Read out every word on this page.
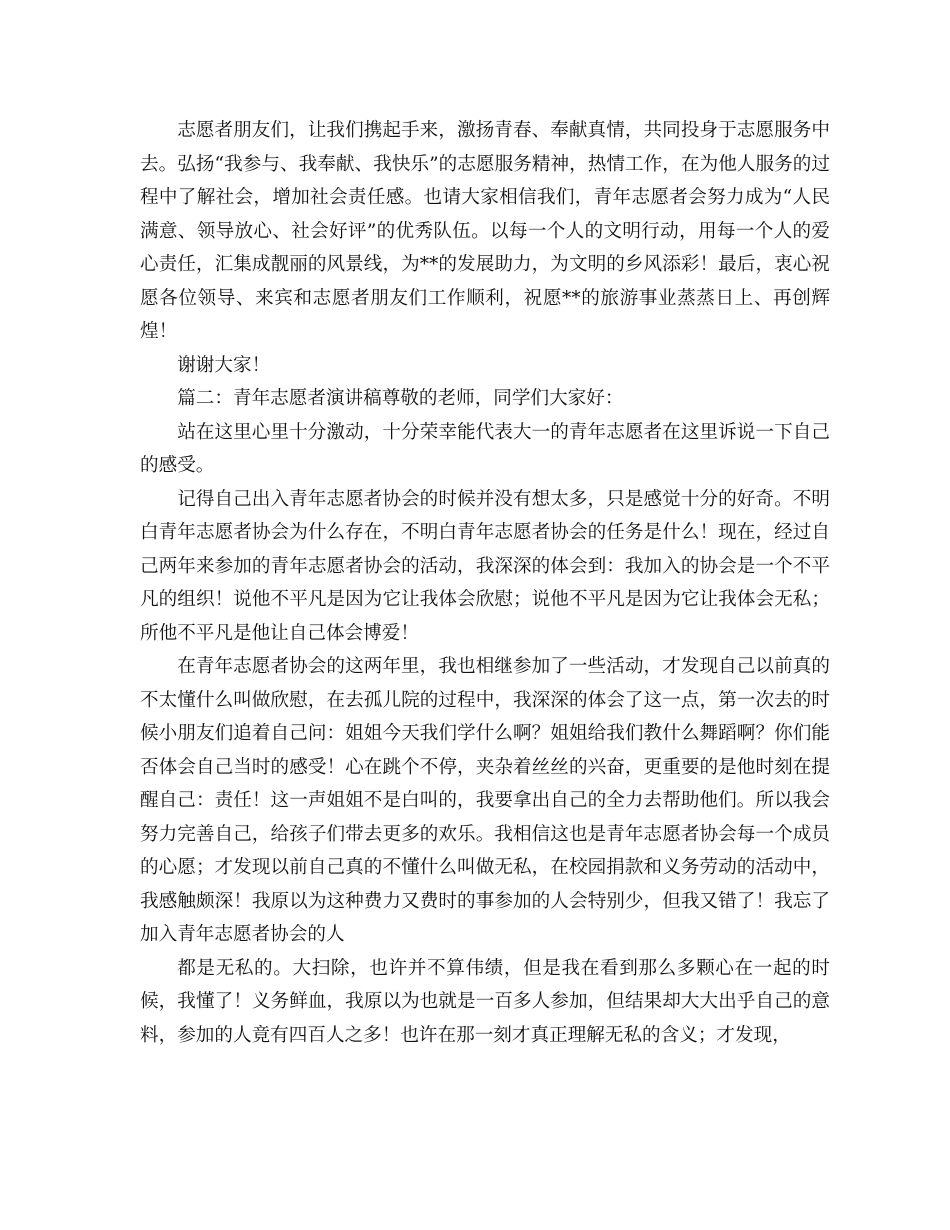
志愿者朋友们，让我们携起手来，激扬青春、奉献真情，共同投身于志愿服务中去。弘扬“我参与、我奉献、我快乐”的志愿服务精神，热情工作，在为他人服务的过程中了解社会，增加社会责任感。也请大家相信我们，青年志愿者会努力成为“人民满意、领导放心、社会好评”的优秀队伍。以每一个人的文明行动，用每一个人的爱心责任，汇集成靓丽的风景线，为**的发展助力，为文明的乡风添彩！最后，衷心祝愿各位领导、来宾和志愿者朋友们工作顺利，祝愿**的旅游事业蒸蒸日上、再创辉煌！

谢谢大家！

篇二：青年志愿者演讲稿尊敬的老师，同学们大家好：

站在这里心里十分激动，十分荣幸能代表大一的青年志愿者在这里诉说一下自己的感受。

记得自己出入青年志愿者协会的时候并没有想太多，只是感觉十分的好奇。不明白青年志愿者协会为什么存在，不明白青年志愿者协会的任务是什么！现在，经过自己两年来参加的青年志愿者协会的活动，我深深的体会到：我加入的协会是一个不平凡的组织！说他不平凡是因为它让我体会欣慰；说他不平凡是因为它让我体会无私；所他不平凡是他让自己体会博爱！

在青年志愿者协会的这两年里，我也相继参加了一些活动，才发现自己以前真的不太懂什么叫做欣慰，在去孤儿院的过程中，我深深的体会了这一点，第一次去的时候小朋友们追着自己问：姐姐今天我们学什么啊？姐姐给我们教什么舞蹈啊？你们能否体会自己当时的感受！心在跳个不停，夹杂着丝丝的兴奋，更重要的是他时刻在提醒自己：责任！这一声姐姐不是白叫的，我要拿出自己的全力去帮助他们。所以我会努力完善自己，给孩子们带去更多的欢乐。我相信这也是青年志愿者协会每一个成员的心愿；才发现以前自己真的不懂什么叫做无私，在校园捐款和义务劳动的活动中，我感触颇深！我原以为这种费力又费时的事参加的人会特别少，但我又错了！我忘了加入青年志愿者协会的人

都是无私的。大扫除，也许并不算伟绩，但是我在看到那么多颗心在一起的时候，我懂了！义务鲜血，我原以为也就是一百多人参加，但结果却大大出乎自己的意料，参加的人竟有四百人之多！也许在那一刻才真正理解无私的含义；才发现，
